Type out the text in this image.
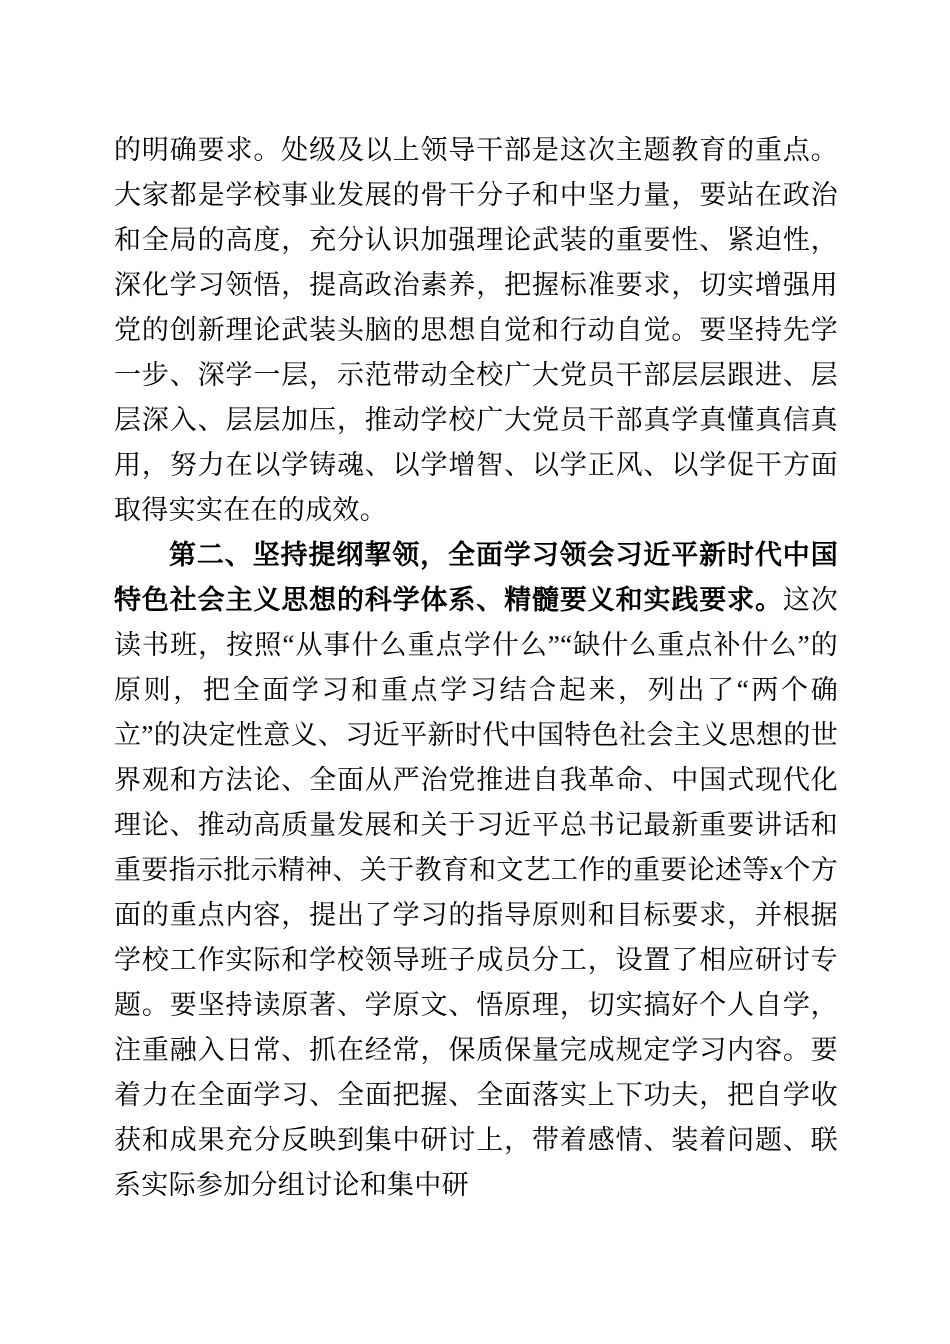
的明确要求。处级及以上领导干部是这次主题教育的重点。大家都是学校事业发展的骨干分子和中坚力量，要站在政治和全局的高度，充分认识加强理论武装的重要性、紧迫性，深化学习领悟，提高政治素养，把握标准要求，切实增强用党的创新理论武装头脑的思想自觉和行动自觉。要坚持先学一步、深学一层，示范带动全校广大党员干部层层跟进、层层深入、层层加压，推动学校广大党员干部真学真懂真信真用，努力在以学铸魂、以学增智、以学正风、以学促干方面取得实实在在的成效。

第二、坚持提纲挈领，全面学习领会习近平新时代中国特色社会主义思想的科学体系、精髓要义和实践要求。这次读书班，按照“从事什么重点学什么”“缺什么重点补什么”的原则，把全面学习和重点学习结合起来，列出了“两个确立”的决定性意义、习近平新时代中国特色社会主义思想的世界观和方法论、全面从严治党推进自我革命、中国式现代化理论、推动高质量发展和关于习近平总书记最新重要讲话和重要指示批示精神、关于教育和文艺工作的重要论述等x个方面的重点内容，提出了学习的指导原则和目标要求，并根据学校工作实际和学校领导班子成员分工，设置了相应研讨专题。要坚持读原著、学原文、悟原理，切实搞好个人自学，注重融入日常、抓在经常，保质保量完成规定学习内容。要着力在全面学习、全面把握、全面落实上下功夫，把自学收获和成果充分反映到集中研讨上，带着感情、装着问题、联系实际参加分组讨论和集中研
